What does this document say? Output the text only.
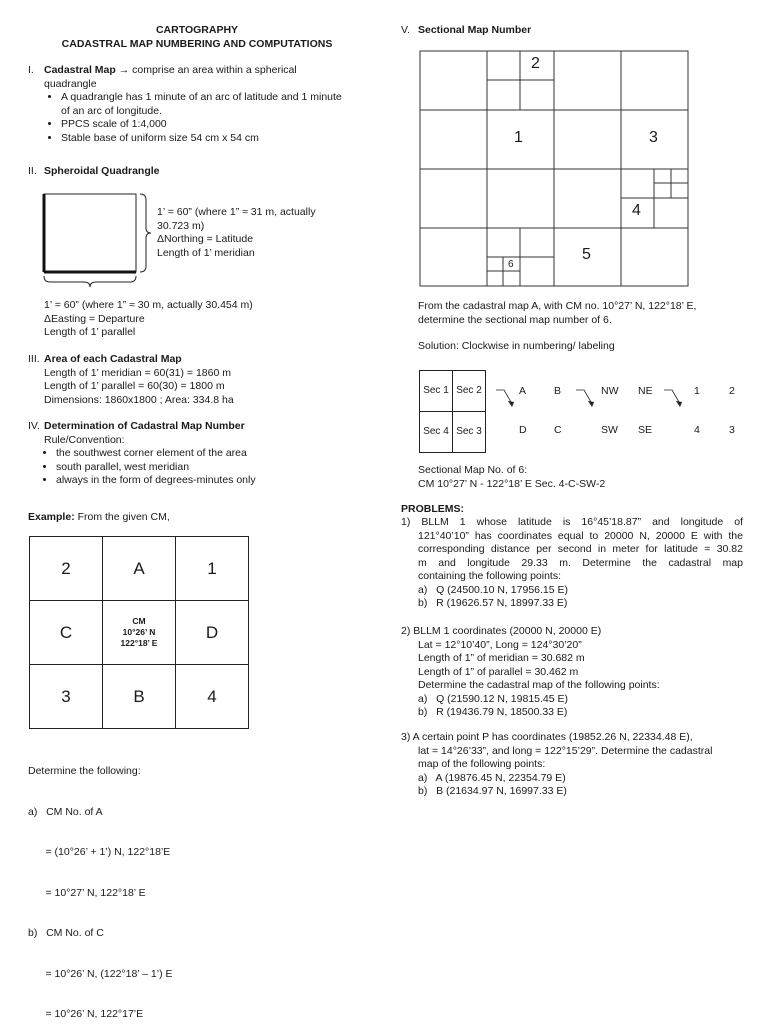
CARTOGRAPHY

CADASTRAL MAP NUMBERING AND COMPUTATIONS

I. Cadastral Map → comprise an area within a spherical

quadrangle

• A quadrangle has 1 minute of an arc of latitude and 1 minute of an arc of longitude.
• PPCS scale of 1:4,000
• Stable base of uniform size 54 cm x 54 cm
II. Spheroidal Quadrangle

1’ = 60” (where 1” ≈ 31 m, actually

30.723 m)

ΔNorthing = Latitude

Length of 1’ meridian

1’ = 60” (where 1” ≈ 30 m, actually 30.454 m)

ΔEasting = Departure

Length of 1’ parallel

III. Area of each Cadastral Map

Length of 1’ meridian = 60(31) = 1860 m

Length of 1’ parallel = 60(30) = 1800 m

Dimensions: 1860x1800 ; Area: 334.8 ha

IV. Determination of Cadastral Map Number

Rule/Convention:

• the southwest corner element of the area
• south parallel, west meridian
• always in the form of degrees-minutes only
Example: From the given CM,
2	A	1
C	CM
10°26’ N
122°18’ E	D
3	B	4

Determine the following:

a)   CM No. of A

= (10°26’ + 1’) N, 122°18’E

= 10°27’ N, 122°18’ E

b)   CM No. of C

= 10°26’ N, (122°18’ – 1’) E

= 10°26’ N, 122°17’E

V. Sectional Map Number
2
1	3
4
5
6

From the cadastral map A, with CM no. 10°27’ N, 122°18’ E,

determine the sectional map number of 6.

Solution: Clockwise in numbering/ labeling
Sec 1	Sec 2
Sec 4	Sec 3
A	B
D	C
NW NE
SW SE
1	2
4	3

Sectional Map No. of 6:

CM 10°27’ N - 122°18’ E Sec. 4-C-SW-2

PROBLEMS:

1) BLLM 1 whose latitude is 16°45’18.87” and longitude of

121°40’10” has coordinates equal to 20000 N, 20000 E with the

corresponding distance per second in meter for latitude = 30.82

m and longitude 29.33 m. Determine the cadastral map

containing the following points:

a)   Q (24500.10 N, 17956.15 E)

b)   R (19626.57 N, 18997.33 E)

2) BLLM 1 coordinates (20000 N, 20000 E)

Lat = 12°10’40”, Long = 124°30’20”

Length of 1” of meridian = 30.682 m

Length of 1” of parallel = 30.462 m

Determine the cadastral map of the following points:

a)   Q (21590.12 N, 19815.45 E)

b)   R (19436.79 N, 18500.33 E)

3) A certain point P has coordinates (19852.26 N, 22334.48 E),

lat = 14°26’33”, and long = 122°15’29”. Determine the cadastral

map of the following points:

a)   A (19876.45 N, 22354.79 E)

b)   B (21634.97 N, 16997.33 E)
